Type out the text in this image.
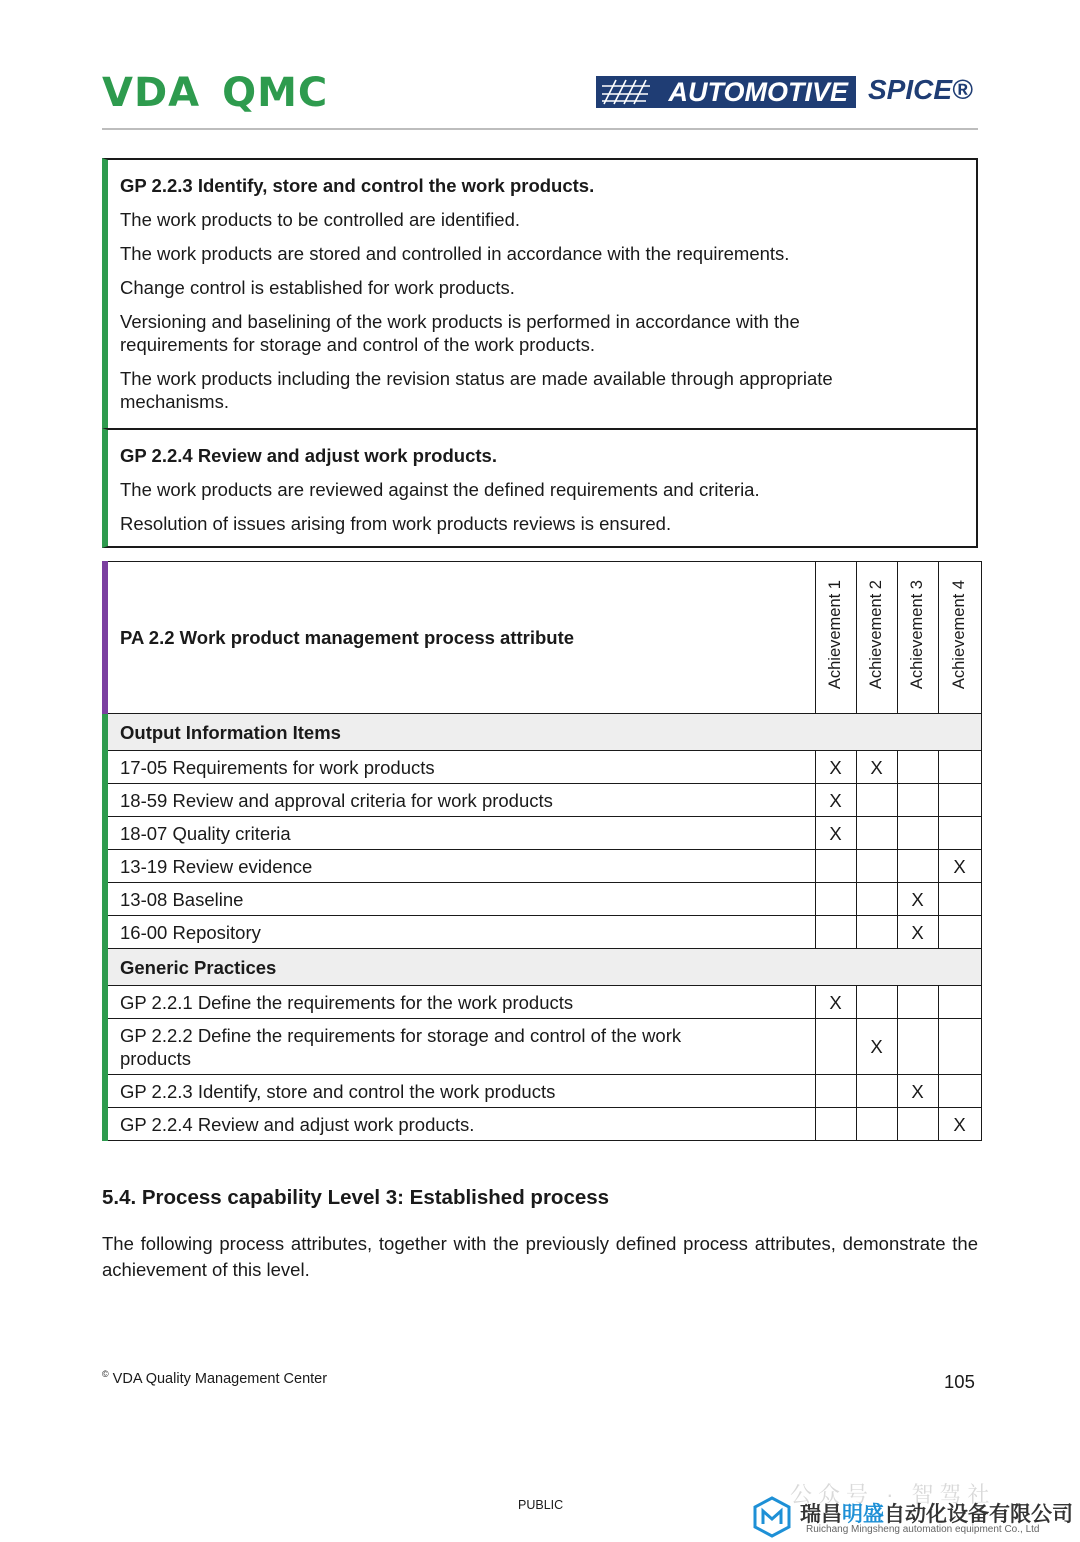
VDA QMC	AUTOMOTIVE SPICE®

GP 2.2.3 Identify, store and control the work products.

The work products to be controlled are identified.

The work products are stored and controlled in accordance with the requirements.

Change control is established for work products.

Versioning and baselining of the work products is performed in accordance with the requirements for storage and control of the work products.

The work products including the revision status are made available through appropriate mechanisms.

GP 2.2.4 Review and adjust work products.

The work products are reviewed against the defined requirements and criteria.

Resolution of issues arising from work products reviews is ensured.

PA 2.2 Work product management process attribute	Achievement 1	Achievement 2	Achievement 3	Achievement 4
Output Information Items				
17-05 Requirements for work products	X	X		
18-59 Review and approval criteria for work products	X			
18-07 Quality criteria	X			
13-19 Review evidence				X
13-08 Baseline			X	
16-00 Repository			X	
Generic Practices				
GP 2.2.1 Define the requirements for the work products	X			
GP 2.2.2 Define the requirements for storage and control of the work products		X		
GP 2.2.3 Identify, store and control the work products			X	
GP 2.2.4 Review and adjust work products.				X
5.4. Process capability Level 3: Established process
The following process attributes, together with the previously defined process attributes, demonstrate the achievement of this level.
© VDA Quality Management Center	105
PUBLIC	公众号 · 智驾社
瑞昌明盛自动化设备有限公司
Ruichang Mingsheng automation equipment Co., Ltd
